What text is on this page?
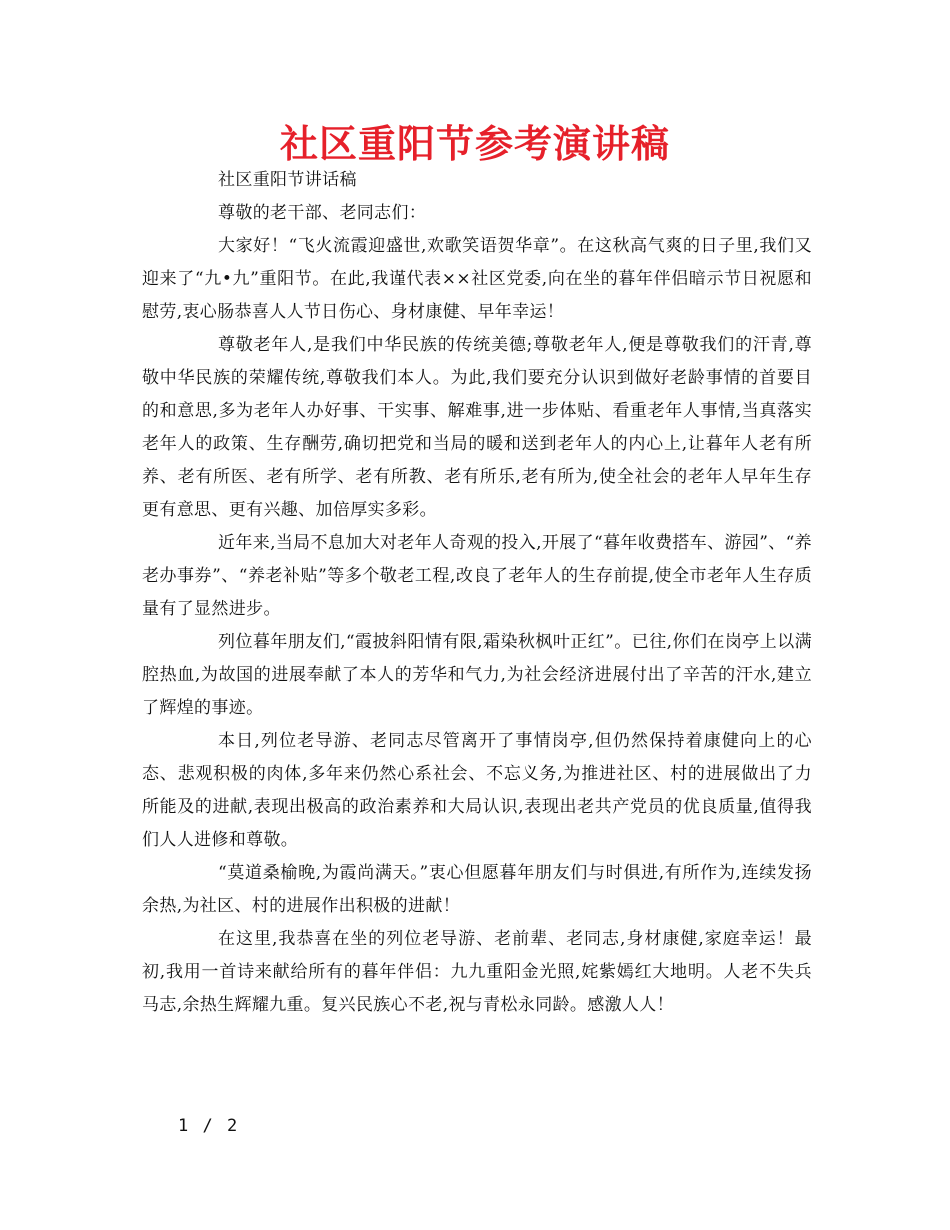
社区重阳节参考演讲稿

社区重阳节讲话稿

尊敬的老干部、老同志们：

大家好！“飞火流霞迎盛世,欢歌笑语贺华章”。在这秋高气爽的日子里,我们又迎来了“九•九”重阳节。在此,我谨代表××社区党委,向在坐的暮年伴侣暗示节日祝愿和慰劳,衷心肠恭喜人人节日伤心、身材康健、早年幸运！

尊敬老年人,是我们中华民族的传统美德;尊敬老年人,便是尊敬我们的汗青,尊敬中华民族的荣耀传统,尊敬我们本人。为此,我们要充分认识到做好老龄事情的首要目的和意思,多为老年人办好事、干实事、解难事,进一步体贴、看重老年人事情,当真落实老年人的政策、生存酬劳,确切把党和当局的暖和送到老年人的内心上,让暮年人老有所养、老有所医、老有所学、老有所教、老有所乐,老有所为,使全社会的老年人早年生存更有意思、更有兴趣、加倍厚实多彩。

近年来,当局不息加大对老年人奇观的投入,开展了“暮年收费搭车、游园”、“养老办事券”、“养老补贴”等多个敬老工程,改良了老年人的生存前提,使全市老年人生存质量有了显然进步。

列位暮年朋友们,“霞披斜阳情有限,霜染秋枫叶正红”。已往,你们在岗亭上以满腔热血,为故国的进展奉献了本人的芳华和气力,为社会经济进展付出了辛苦的汗水,建立了辉煌的事迹。

本日,列位老导游、老同志尽管离开了事情岗亭,但仍然保持着康健向上的心态、悲观积极的肉体,多年来仍然心系社会、不忘义务,为推进社区、村的进展做出了力所能及的进献,表现出极高的政治素养和大局认识,表现出老共产党员的优良质量,值得我们人人进修和尊敬。

“莫道桑榆晚,为霞尚满天。”衷心但愿暮年朋友们与时俱进,有所作为,连续发扬余热,为社区、村的进展作出积极的进献！

在这里,我恭喜在坐的列位老导游、老前辈、老同志,身材康健,家庭幸运！最初,我用一首诗来献给所有的暮年伴侣：九九重阳金光照,姹紫嫣红大地明。人老不失兵马志,余热生辉耀九重。复兴民族心不老,祝与青松永同龄。感激人人！

1 / 2
